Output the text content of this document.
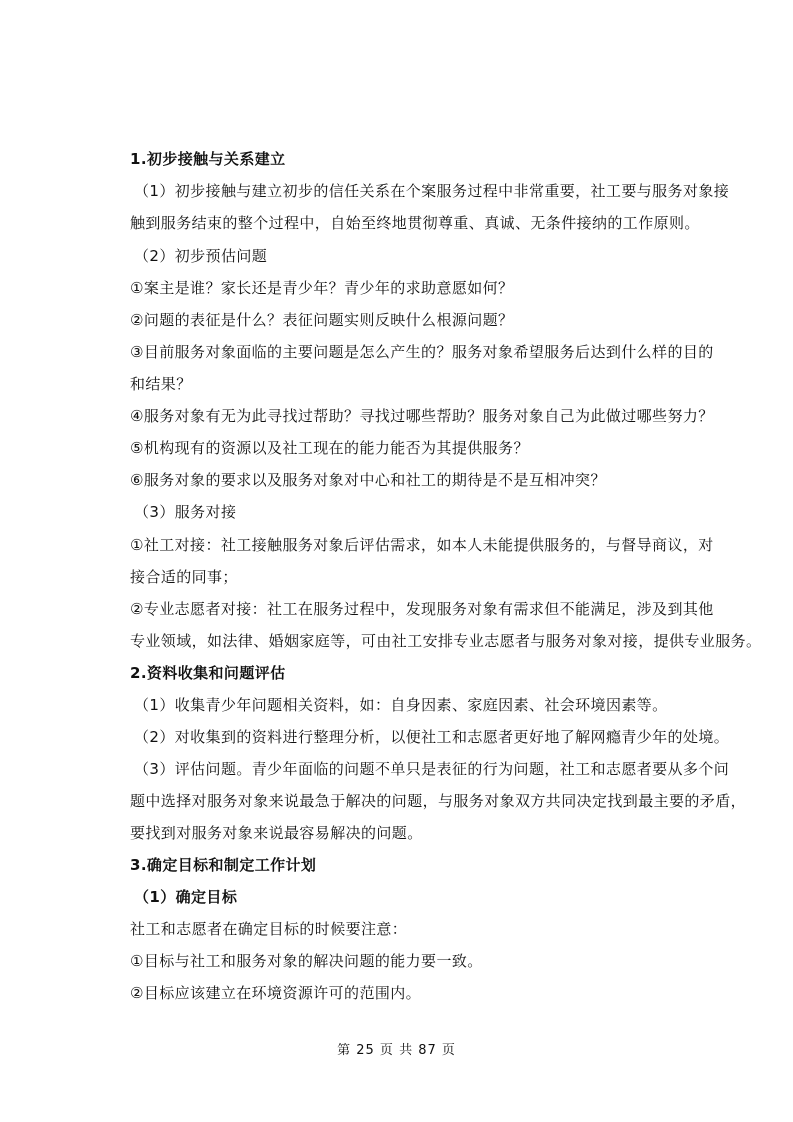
1.初步接触与关系建立
（1）初步接触与建立初步的信任关系在个案服务过程中非常重要，社工要与服务对象接
触到服务结束的整个过程中，自始至终地贯彻尊重、真诚、无条件接纳的工作原则。
（2）初步预估问题
①案主是谁？家长还是青少年？青少年的求助意愿如何？
②问题的表征是什么？表征问题实则反映什么根源问题？
③目前服务对象面临的主要问题是怎么产生的？服务对象希望服务后达到什么样的目的
和结果？
④服务对象有无为此寻找过帮助？寻找过哪些帮助？服务对象自己为此做过哪些努力？
⑤机构现有的资源以及社工现在的能力能否为其提供服务？
⑥服务对象的要求以及服务对象对中心和社工的期待是不是互相冲突？
（3）服务对接
①社工对接：社工接触服务对象后评估需求，如本人未能提供服务的，与督导商议，对
接合适的同事；
②专业志愿者对接：社工在服务过程中，发现服务对象有需求但不能满足，涉及到其他
专业领域，如法律、婚姻家庭等，可由社工安排专业志愿者与服务对象对接，提供专业服务。
2.资料收集和问题评估
（1）收集青少年问题相关资料，如：自身因素、家庭因素、社会环境因素等。
（2）对收集到的资料进行整理分析，以便社工和志愿者更好地了解网瘾青少年的处境。
（3）评估问题。青少年面临的问题不单只是表征的行为问题，社工和志愿者要从多个问
题中选择对服务对象来说最急于解决的问题，与服务对象双方共同决定找到最主要的矛盾，
要找到对服务对象来说最容易解决的问题。
3.确定目标和制定工作计划
（1）确定目标
社工和志愿者在确定目标的时候要注意：
①目标与社工和服务对象的解决问题的能力要一致。
②目标应该建立在环境资源许可的范围内。
第 25 页 共 87 页
